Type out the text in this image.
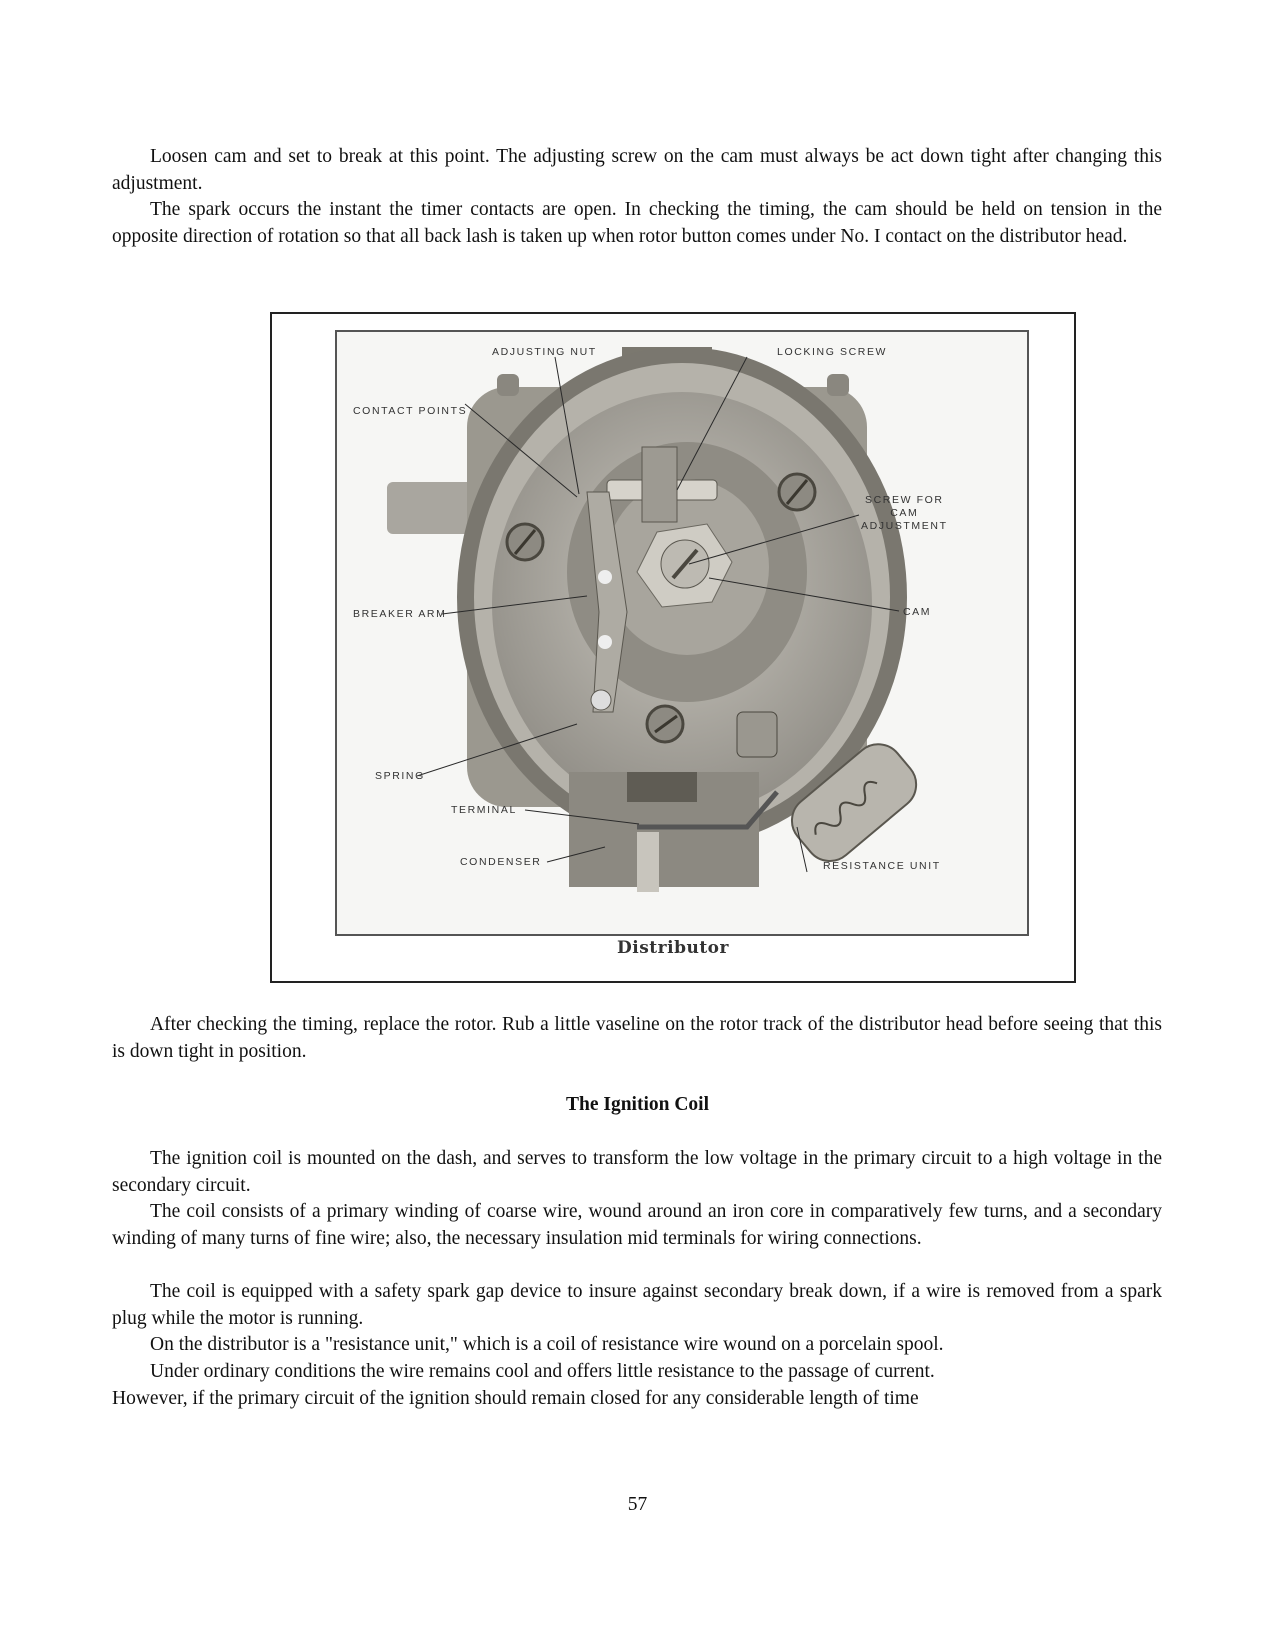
Loosen cam and set to break at this point. The adjusting screw on the cam must always be act down tight after changing this adjustment.

The spark occurs the instant the timer contacts are open. In checking the timing, the cam should be held on tension in the opposite direction of rotation so that all back lash is taken up when rotor button comes under No. I contact on the distributor head.

ADJUSTING NUT	LOCKING SCREW
CONTACT POINTS
SCREW FOR
CAM
ADJUSTMENT
BREAKER ARM	CAM
SPRING
TERMINAL
CONDENSER	RESISTANCE UNIT
Distributor

After checking the timing, replace the rotor. Rub a little vaseline on the rotor track of the distributor head before seeing that this is down tight in position.

The Ignition Coil

The ignition coil is mounted on the dash, and serves to transform the low voltage in the primary circuit to a high voltage in the secondary circuit.

The coil consists of a primary winding of coarse wire, wound around an iron core in comparatively few turns, and a secondary winding of many turns of fine wire; also, the necessary insulation mid terminals for wiring connections.

The coil is equipped with a safety spark gap device to insure against secondary break down, if a wire is removed from a spark plug while the motor is running.

On the distributor is a "resistance unit," which is a coil of resistance wire wound on a porcelain spool.

Under ordinary conditions the wire remains cool and offers little resistance to the passage of current.
However, if the primary circuit of the ignition should remain closed for any considerable length of time

57
